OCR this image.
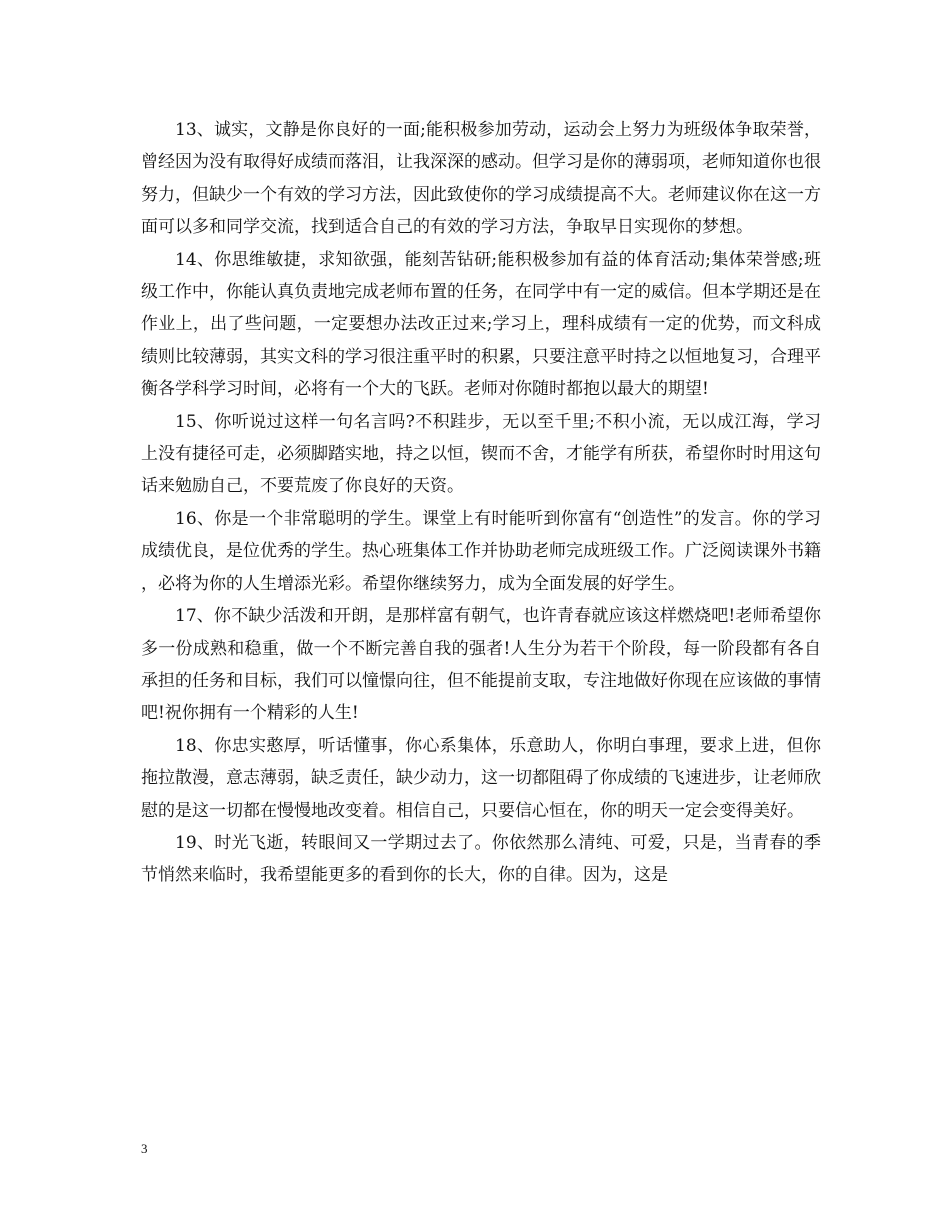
13、诚实，文静是你良好的一面;能积极参加劳动，运动会上努力为班级体争取荣誉，曾经因为没有取得好成绩而落泪，让我深深的感动。但学习是你的薄弱项，老师知道你也很努力，但缺少一个有效的学习方法，因此致使你的学习成绩提高不大。老师建议你在这一方面可以多和同学交流，找到适合自己的有效的学习方法，争取早日实现你的梦想。

14、你思维敏捷，求知欲强，能刻苦钻研;能积极参加有益的体育活动;集体荣誉感;班级工作中，你能认真负责地完成老师布置的任务，在同学中有一定的威信。但本学期还是在作业上，出了些问题，一定要想办法改正过来;学习上，理科成绩有一定的优势，而文科成绩则比较薄弱，其实文科的学习很注重平时的积累，只要注意平时持之以恒地复习，合理平衡各学科学习时间，必将有一个大的飞跃。老师对你随时都抱以最大的期望!

15、你听说过这样一句名言吗?不积跬步，无以至千里;不积小流，无以成江海，学习上没有捷径可走，必须脚踏实地，持之以恒，锲而不舍，才能学有所获，希望你时时用这句话来勉励自己，不要荒废了你良好的天资。

16、你是一个非常聪明的学生。课堂上有时能听到你富有“创造性”的发言。你的学习成绩优良，是位优秀的学生。热心班集体工作并协助老师完成班级工作。广泛阅读课外书籍，必将为你的人生增添光彩。希望你继续努力，成为全面发展的好学生。

17、你不缺少活泼和开朗，是那样富有朝气，也许青春就应该这样燃烧吧!老师希望你多一份成熟和稳重，做一个不断完善自我的强者!人生分为若干个阶段，每一阶段都有各自承担的任务和目标，我们可以憧憬向往，但不能提前支取，专注地做好你现在应该做的事情吧!祝你拥有一个精彩的人生!

18、你忠实憨厚，听话懂事，你心系集体，乐意助人，你明白事理，要求上进，但你拖拉散漫，意志薄弱，缺乏责任，缺少动力，这一切都阻碍了你成绩的飞速进步，让老师欣慰的是这一切都在慢慢地改变着。相信自己，只要信心恒在，你的明天一定会变得美好。

19、时光飞逝，转眼间又一学期过去了。你依然那么清纯、可爱，只是，当青春的季节悄然来临时，我希望能更多的看到你的长大，你的自律。因为，这是

3
